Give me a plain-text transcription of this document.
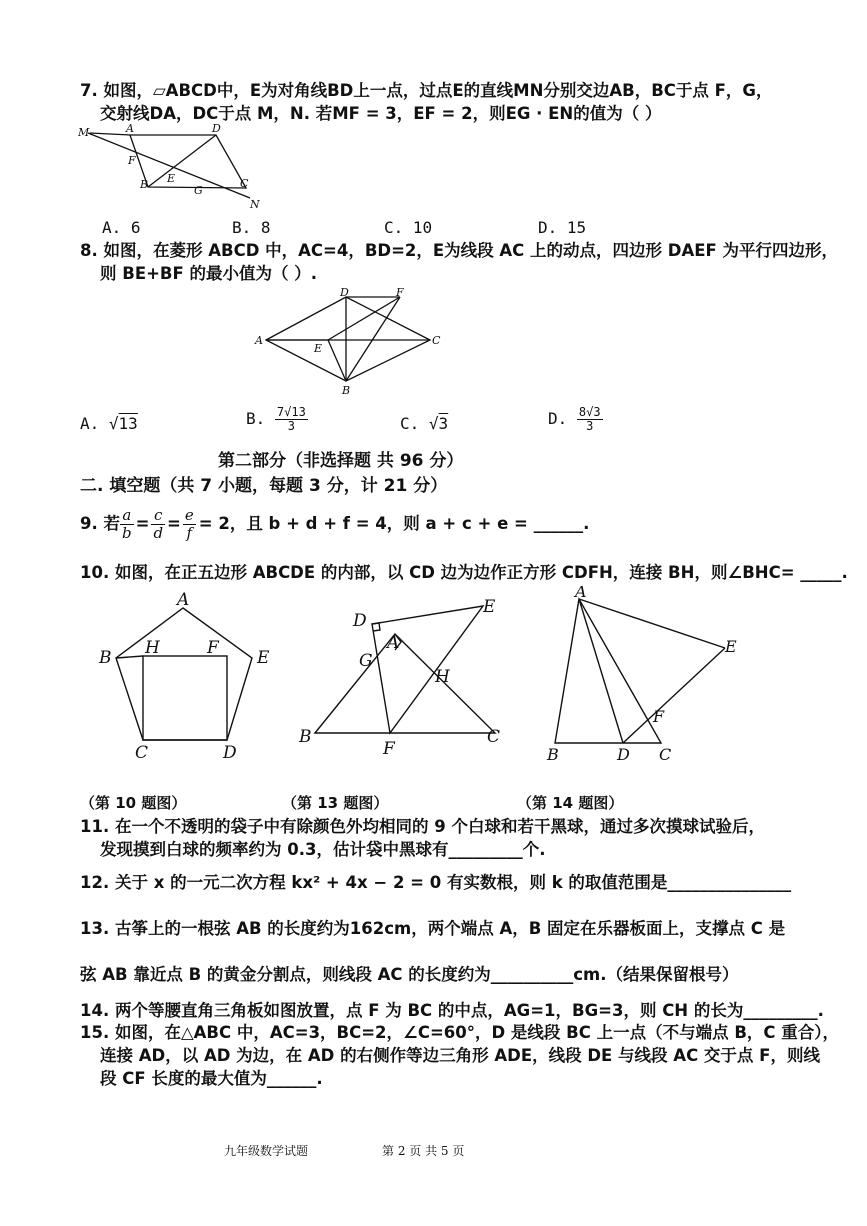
7. 如图，▱ABCD中，E为对角线BD上一点，过点E的直线MN分别交边AB，BC于点 F，G，
交射线DA，DC于点 M，N. 若MF = 3，EF = 2，则EG · EN的值为（ ）
M	A	D
F
B E
G
C
N
A. 6	B. 8	C. 10	D. 15
8. 如图，在菱形 ABCD 中，AC=4，BD=2，E为线段 AC 上的动点，四边形 DAEF 为平行四边形，
则 BE+BF 的最小值为（ ）.
D	F
A
E
C
B
A. √13	B. $\frac{7√13}{3}$	C. √3	D. $\frac{8√3}{3}$
第二部分（非选择题 共 96 分）
二. 填空题（共 7 小题，每题 3 分，计 21 分）
9. 若 $\frac{a}{b} = \frac{c}{d} = \frac{e}{f} = 2$，且 b + d + f = 4，则 a + c + e = ______.
10. 如图，在正五边形 ABCDE 的内部，以 CD 边为边作正方形 CDFH，连接 BH，则∠BHC= _____.
A
B H	F E
C	D
D
E
A
G
H
B
F
C
A
E
F
B	D C
（第 10 题图）	（第 13 题图）	（第 14 题图）
11. 在一个不透明的袋子中有除颜色外均相同的 9 个白球和若干黑球，通过多次摸球试验后，
发现摸到白球的频率约为 0.3，估计袋中黑球有_________个.
12. 关于 x 的一元二次方程 kx² + 4x − 2 = 0 有实数根，则 k 的取值范围是_______________
13. 古筝上的一根弦 AB 的长度约为162cm，两个端点 A，B 固定在乐器板面上，支撑点 C 是
弦 AB 靠近点 B 的黄金分割点，则线段 AC 的长度约为__________cm.（结果保留根号）
14. 两个等腰直角三角板如图放置，点 F 为 BC 的中点，AG=1，BG=3，则 CH 的长为_________.
15. 如图，在△ABC 中，AC=3，BC=2，∠C=60°，D 是线段 BC 上一点（不与端点 B，C 重合），
连接 AD，以 AD 为边，在 AD 的右侧作等边三角形 ADE，线段 DE 与线段 AC 交于点 F，则线
段 CF 长度的最大值为______.
九年级数学试题	第 2 页 共 5 页
